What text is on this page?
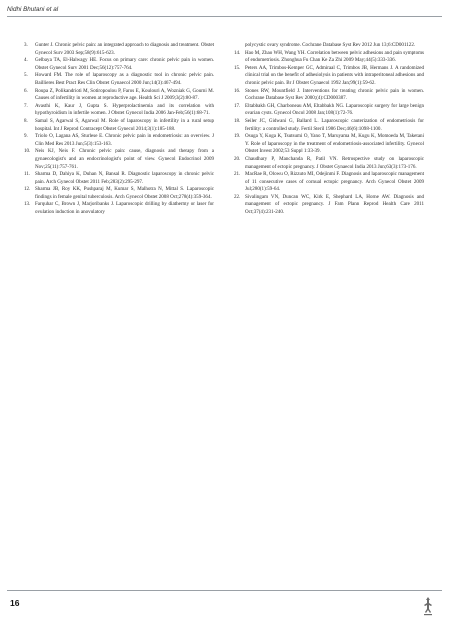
Nidhi Bhutani et al
3.	Gunter J. Chronic pelvic pain: an integrated approach to diagnosis and treatment. Obstet Gynecol Surv 2003 Sep;58(9):615-623.
4.	Gelbaya TA, El-Halwagy HE. Focus on primary care: chronic pelvic pain in women. Obstet Gynecol Surv 2001 Dec;56(12):757-764.
5.	Howard FM. The role of laparoscopy as a diagnostic tool in chronic pelvic pain. Baillieres Best Pract Res Clin Obstet Gynaecol 2000 Jun;14(3):467-494.
6.	Roupa Z, Polikandrioti M, Sotiropoulou P, Faros E, Koulouri A, Wozniak G, Gourni M. Causes of infertility in women at reproductive age. Health Sci J 2009;3(2):80-87.
7.	Avasthi K, Kaur J, Gupta S. Hyperprolactinemia and its correlation with hypothyroidism in infertile women. J Obstet Gynecol India 2006 Jan-Feb;56(1):68-71.
8.	Samal S, Agarwal S, Agarwal M. Role of laparoscopy in infertility in a rural setup hospital. Int J Reprod Contracept Obstet Gynecol 2014;3(1):185-188.
9.	Triolo O, Lagana AS, Sturlese E. Chronic pelvic pain in endometriosis: an overview. J Clin Med Res 2013 Jun;5(3):153-163.
10. Neis KJ, Neis F. Chronic pelvic pain: cause, diagnosis and therapy from a gynaecologist's and an endocrinologist's point of view. Gynecol Endocrinol 2009 Nov;25(11):757-761.
11. Sharma D, Dahiya K, Duhan N, Bansal R. Diagnostic laparoscopy in chronic pelvic pain. Arch Gynecol Obstet 2011 Feb;283(2):295-297.
12. Sharma JB, Roy KK, Pushparaj M, Kumar S, Malhotra N, Mittal S. Laparoscopic findings in female genital tuberculosis. Arch Gynecol Obstet 2008 Oct;278(4):359-364.
13. Farquhar C, Brown J, Marjoribanks J. Laparoscopic drilling by diathermy or laser for ovulation induction in anovulatory
polycystic ovary syndrome. Cochrane Database Syst Rev 2012 Jun 13;6:CD001122.
14. Hao M, Zhao WH, Wang YH. Correlation between pelvic adhesions and pain symptoms of endometriosis. Zhonghua Fu Chan Ke Za Zhi 2009 May;44(5):333-336.
15. Peters AA, Trimbos-Kemper GC, Admiraal C, Trimbos JB, Hermans J. A randomized clinical trial on the benefit of adhesiolysis in patients with intraperitoneal adhesions and chronic pelvic pain. Br J Obstet Gynaecol 1992 Jan;99(1):59-62.
16. Stones RW, Mountfield J. Interventions for treating chronic pelvic pain in women. Cochrane Database Syst Rev 2000;(4):CD000387.
17. Eltabbakh GH, Charboneau AM, Eltabbakh NG. Laparoscopic surgery for large benign ovarian cysts. Gynecol Oncol 2008 Jan;108(1):72-76.
18. Seiler JC, Gidwani G, Ballard L. Laparoscopic cauterization of endometriosis for fertility: a controlled study. Fertil Steril 1986 Dec;46(6):1098-1100.
19. Osuga Y, Koga K, Tsutsumi O, Yano T, Maruyama M, Kugu K, Momoeda M, Taketani Y. Role of laparoscopy in the treatment of endometriosis-associated infertility. Gynecol Obstet Invest 2002;53 Suppl 1:33-39.
20. Chaudhary P, Manchanda R, Patil VN. Retrospective study on laparoscopic management of ectopic pregnancy. J Obstet Gynaecol India 2013 Jun;63(3):173-176.
21. MacRae R, Olowu O, Rizzuto MI, Odejinmi F. Diagnosis and laparoscopic management of 11 consecutive cases of cornual ectopic pregnancy. Arch Gynecol Obstet 2009 Jul;280(1):59-64.
22. Sivalingam VN, Duncan WC, Kirk E, Shephard LA, Horne AW. Diagnosis and management of ectopic pregnancy. J Fam Plann Reprod Health Care 2011 Oct;37(4):231-240.
16
